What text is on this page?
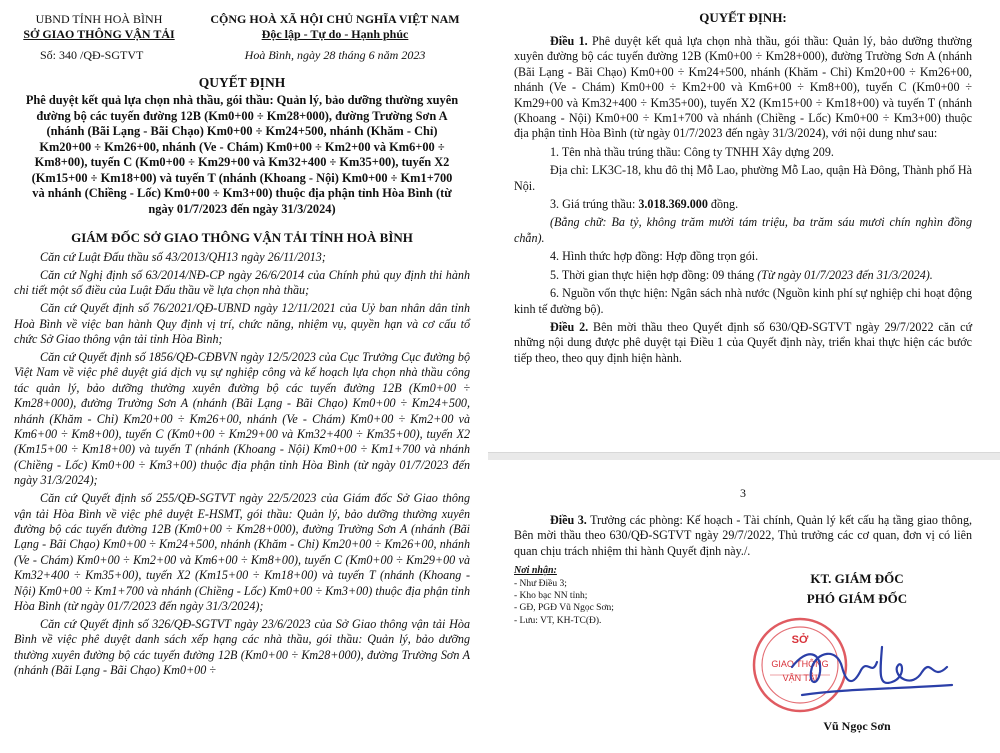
UBND TỈNH HOÀ BÌNH
SỞ GIAO THÔNG VẬN TẢI
CỘNG HOÀ XÃ HỘI CHỦ NGHĨA VIỆT NAM
Độc lập - Tự do - Hạnh phúc
Số: 340 /QĐ-SGTVT	Hoà Bình, ngày 28 tháng 6 năm 2023
QUYẾT ĐỊNH
Phê duyệt kết quả lựa chọn nhà thầu, gói thầu: Quản lý, bảo dưỡng thường xuyên đường bộ các tuyến đường 12B (Km0+00 ÷ Km28+000), đường Trường Sơn A (nhánh (Bãi Lạng - Bãi Chạo) Km0+00 ÷ Km24+500, nhánh (Khăm - Chỉ) Km20+00 ÷ Km26+00, nhánh (Ve - Chám) Km0+00 ÷ Km2+00 và Km6+00 ÷ Km8+00), tuyến C (Km0+00 ÷ Km29+00 và Km32+400 ÷ Km35+00), tuyến X2 (Km15+00 ÷ Km18+00) và tuyến T (nhánh (Khoang - Nội) Km0+00 ÷ Km1+700 và nhánh (Chiềng - Lốc) Km0+00 ÷ Km3+00) thuộc địa phận tỉnh Hòa Bình (từ ngày 01/7/2023 đến ngày 31/3/2024)
GIÁM ĐỐC SỞ GIAO THÔNG VẬN TẢI TỈNH HOÀ BÌNH
Căn cứ Luật Đấu thầu số 43/2013/QH13 ngày 26/11/2013;
Căn cứ Nghị định số 63/2014/NĐ-CP ngày 26/6/2014 của Chính phủ quy định thi hành chi tiết một số điều của Luật Đấu thầu về lựa chọn nhà thầu;
Căn cứ Quyết định số 76/2021/QĐ-UBND ngày 12/11/2021 của Uỷ ban nhân dân tỉnh Hoà Bình về việc ban hành Quy định vị trí, chức năng, nhiệm vụ, quyền hạn và cơ cấu tổ chức Sở Giao thông vận tải tỉnh Hòa Bình;
Căn cứ Quyết định số 1856/QĐ-CĐBVN ngày 12/5/2023 của Cục Trưởng Cục đường bộ Việt Nam về việc phê duyệt giá dịch vụ sự nghiệp công và kế hoạch lựa chọn nhà thầu công tác quản lý, bảo dưỡng thường xuyên đường bộ các tuyến đường 12B (Km0+00 ÷ Km28+000), đường Trường Sơn A (nhánh (Bãi Lạng - Bãi Chạo) Km0+00 ÷ Km24+500, nhánh (Khăm - Chỉ) Km20+00 ÷ Km26+00, nhánh (Ve - Chám) Km0+00 ÷ Km2+00 và Km6+00 ÷ Km8+00), tuyến C (Km0+00 ÷ Km29+00 và Km32+400 ÷ Km35+00), tuyến X2 (Km15+00 ÷ Km18+00) và tuyến T (nhánh (Khoang - Nội) Km0+00 ÷ Km1+700 và nhánh (Chiềng - Lốc) Km0+00 ÷ Km3+00) thuộc địa phận tỉnh Hòa Bình (từ ngày 01/7/2023 đến ngày 31/3/2024);
Căn cứ Quyết định số 255/QĐ-SGTVT ngày 22/5/2023 của Giám đốc Sở Giao thông vận tải Hòa Bình về việc phê duyệt E-HSMT, gói thầu: Quản lý, bảo dưỡng thường xuyên đường bộ các tuyến đường 12B (Km0+00 ÷ Km28+000), đường Trường Sơn A (nhánh (Bãi Lạng - Bãi Chạo) Km0+00 ÷ Km24+500, nhánh (Khăm - Chỉ) Km20+00 ÷ Km26+00, nhánh (Ve - Chám) Km0+00 ÷ Km2+00 và Km6+00 ÷ Km8+00), tuyến C (Km0+00 ÷ Km29+00 và Km32+400 ÷ Km35+00), tuyến X2 (Km15+00 ÷ Km18+00) và tuyến T (nhánh (Khoang - Nội) Km0+00 ÷ Km1+700 và nhánh (Chiềng - Lốc) Km0+00 ÷ Km3+00) thuộc địa phận tỉnh Hòa Bình (từ ngày 01/7/2023 đến ngày 31/3/2024);
Căn cứ Quyết định số 326/QĐ-SGTVT ngày 23/6/2023 của Sở Giao thông vận tải Hòa Bình về việc phê duyệt danh sách xếp hạng các nhà thầu, gói thầu: Quản lý, bảo dưỡng thường xuyên đường bộ các tuyến đường 12B (Km0+00 ÷ Km28+000), đường Trường Sơn A (nhánh (Bãi Lạng - Bãi Chạo) Km0+00 ÷
QUYẾT ĐỊNH:
Điều 1. Phê duyệt kết quả lựa chọn nhà thầu, gói thầu: Quản lý, bảo dưỡng thường xuyên đường bộ các tuyến đường 12B (Km0+00 ÷ Km28+000), đường Trường Sơn A (nhánh (Bãi Lạng - Bãi Chạo) Km0+00 ÷ Km24+500, nhánh (Khăm - Chỉ) Km20+00 ÷ Km26+00, nhánh (Ve - Chám) Km0+00 ÷ Km2+00 và Km6+00 ÷ Km8+00), tuyến C (Km0+00 ÷ Km29+00 và Km32+400 ÷ Km35+00), tuyến X2 (Km15+00 ÷ Km18+00) và tuyến T (nhánh (Khoang - Nội) Km0+00 ÷ Km1+700 và nhánh (Chiềng - Lốc) Km0+00 ÷ Km3+00) thuộc địa phận tỉnh Hòa Bình (từ ngày 01/7/2023 đến ngày 31/3/2024), với nội dung như sau:
1. Tên nhà thầu trúng thầu: Công ty TNHH Xây dựng 209.
Địa chỉ: LK3C-18, khu đô thị Mỗ Lao, phường Mỗ Lao, quận Hà Đông, Thành phố Hà Nội.
3. Giá trúng thầu: 3.018.369.000 đồng.
(Bằng chữ: Ba tỷ, không trăm mười tám triệu, ba trăm sáu mươi chín nghìn đồng chẵn).
4. Hình thức hợp đồng: Hợp đồng trọn gói.
5. Thời gian thực hiện hợp đồng: 09 tháng (Từ ngày 01/7/2023 đến 31/3/2024).
6. Nguồn vốn thực hiện: Ngân sách nhà nước (Nguồn kinh phí sự nghiệp chi hoạt động kinh tế đường bộ).
Điều 2. Bên mời thầu theo Quyết định số 630/QĐ-SGTVT ngày 29/7/2022 căn cứ những nội dung được phê duyệt tại Điều 1 của Quyết định này, triển khai thực hiện các bước tiếp theo, theo quy định hiện hành.
3
Điều 3. Trưởng các phòng: Kế hoạch - Tài chính, Quản lý kết cấu hạ tầng giao thông, Bên mời thầu theo 630/QĐ-SGTVT ngày 29/7/2022, Thủ trưởng các cơ quan, đơn vị có liên quan chịu trách nhiệm thi hành Quyết định này./.
Nơi nhận:
- Như Điều 3;
- Kho bạc NN tỉnh;
- GĐ, PGĐ Vũ Ngọc Sơn;
- Lưu: VT, KH-TC(Đ).
KT. GIÁM ĐỐC
PHÓ GIÁM ĐỐC
SỞ
GIAO THÔNG
VẬN TẢI
Vũ Ngọc Sơn
